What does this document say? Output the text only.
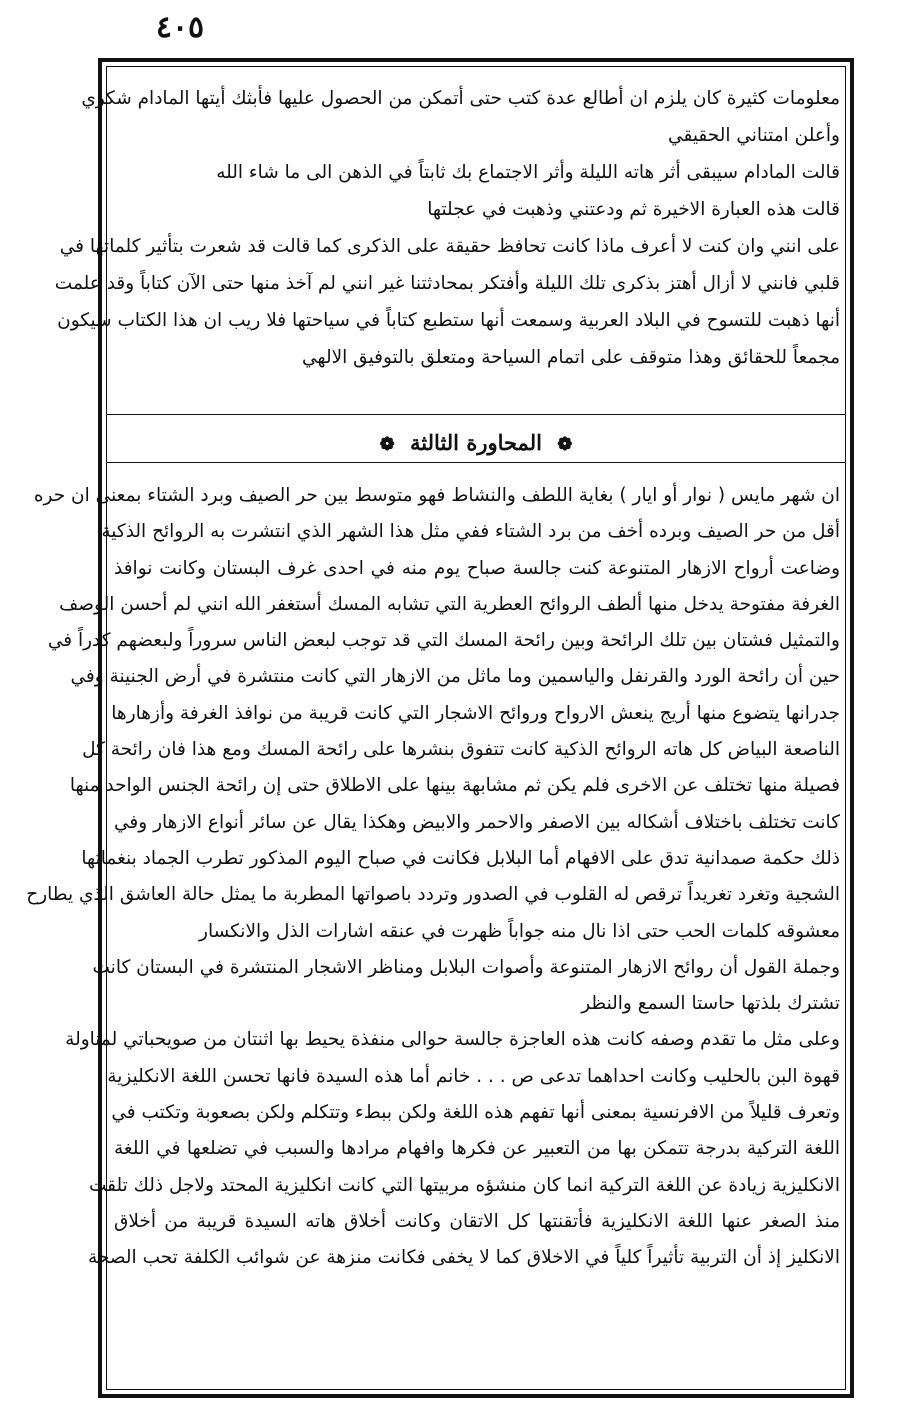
٤٠٥
معلومات كثيرة كان يلزم ان أطالع عدة كتب حتى أتمكن من الحصول عليها فأبثك أيتها المادام شكري
وأعلن امتناني الحقيقي
قالت المادام سيبقى أثر هاته الليلة وأثر الاجتماع بك ثابتاً في الذهن الى ما شاء الله
قالت هذه العبارة الاخيرة ثم ودعتني وذهبت في عجلتها
على انني وان كنت لا أعرف ماذا كانت تحافظ حقيقة على الذكرى كما قالت قد شعرت بتأثير كلماتها في
قلبي فانني لا أزال أهتز بذكرى تلك الليلة وأفتكر بمحادثتنا غير انني لم آخذ منها حتى الآن كتاباً وقد علمت
أنها ذهبت للتسوح في البلاد العربية وسمعت أنها ستطبع كتاباً في سياحتها فلا ريب ان هذا الكتاب سيكون
مجمعاً للحقائق وهذا متوقف على اتمام السياحة ومتعلق بالتوفيق الالهي
❁ المحاورة الثالثة ❁
ان شهر مايس ( نوار أو ايار ) بغاية اللطف والنشاط فهو متوسط بين حر الصيف وبرد الشتاء بمعنى ان حره
أقل من حر الصيف وبرده أخف من برد الشتاء ففي مثل هذا الشهر الذي انتشرت به الروائح الذكية
وضاعت أرواح الازهار المتنوعة كنت جالسة صباح يوم منه في احدى غرف البستان وكانت نوافذ
الغرفة مفتوحة يدخل منها ألطف الروائح العطرية التي تشابه المسك أستغفر الله انني لم أحسن الوصف
والتمثيل فشتان بين تلك الرائحة وبين رائحة المسك التي قد توجب لبعض الناس سروراً ولبعضهم كدراً في
حين أن رائحة الورد والقرنفل والياسمين وما ماثل من الازهار التي كانت منتشرة في أرض الجنينة وفي
جدرانها يتضوع منها أريج ينعش الارواح وروائح الاشجار التي كانت قريبة من نوافذ الغرفة وأزهارها
الناصعة البياض كل هاته الروائح الذكية كانت تتفوق بنشرها على رائحة المسك ومع هذا فان رائحة كل
فصيلة منها تختلف عن الاخرى فلم يكن ثم مشابهة بينها على الاطلاق حتى إن رائحة الجنس الواحد منها
كانت تختلف باختلاف أشكاله بين الاصفر والاحمر والابيض وهكذا يقال عن سائر أنواع الازهار وفي
ذلك حكمة صمدانية تدق على الافهام أما البلابل فكانت في صباح اليوم المذكور تطرب الجماد بنغماتها
الشجية وتغرد تغريداً ترقص له القلوب في الصدور وتردد باصواتها المطربة ما يمثل حالة العاشق الذي يطارح
معشوقه كلمات الحب حتى اذا نال منه جواباً ظهرت في عنقه اشارات الذل والانكسار
وجملة القول أن روائح الازهار المتنوعة وأصوات البلابل ومناظر الاشجار المنتشرة في البستان كانت
تشترك بلذتها حاستا السمع والنظر
وعلى مثل ما تقدم وصفه كانت هذه العاجزة جالسة حوالى منفذة يحيط بها اثنتان من صويحباتي لمناولة
قهوة البن بالحليب وكانت احداهما تدعى ص . . . خانم أما هذه السيدة فانها تحسن اللغة الانكليزية
وتعرف قليلاً من الافرنسية بمعنى أنها تفهم هذه اللغة ولكن ببطء وتتكلم ولكن بصعوبة وتكتب في
اللغة التركية بدرجة تتمكن بها من التعبير عن فكرها وافهام مرادها والسبب في تضلعها في اللغة
الانكليزية زيادة عن اللغة التركية انما كان منشؤه مربيتها التي كانت انكليزية المحتد ولاجل ذلك تلقت
منذ الصغر عنها اللغة الانكليزية فأتقنتها كل الاتقان وكانت أخلاق هاته السيدة قريبة من أخلاق
الانكليز إذ أن التربية تأثيراً كلياً في الاخلاق كما لا يخفى فكانت منزهة عن شوائب الكلفة تحب الصحة
